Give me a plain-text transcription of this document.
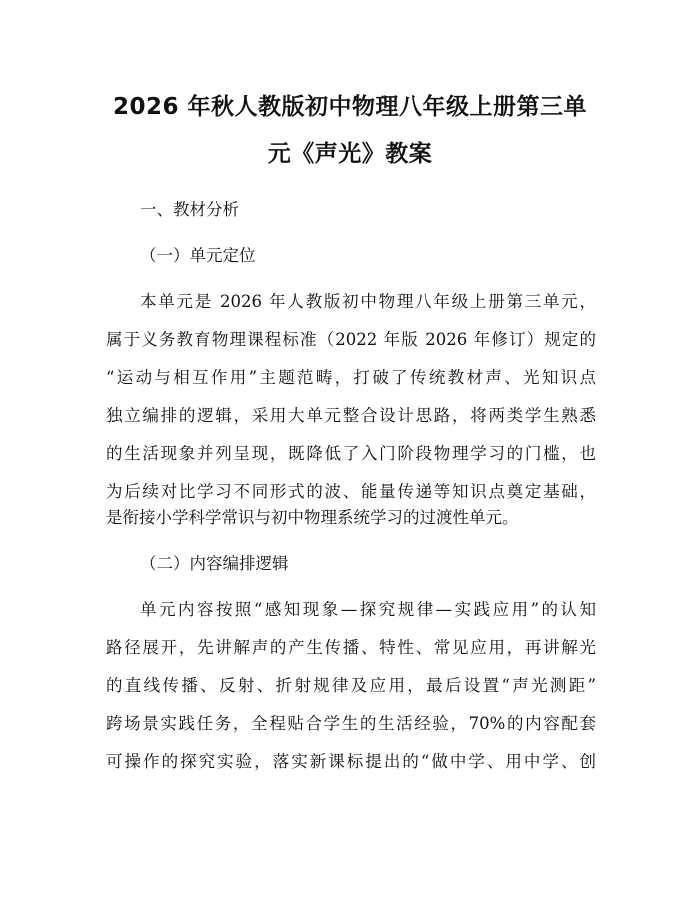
2026 年秋人教版初中物理八年级上册第三单
元《声光》教案

一、教材分析

（一）单元定位

本单元是 2026 年人教版初中物理八年级上册第三单元，

属于义务教育物理课程标准（2022 年版 2026 年修订）规定的

“运动与相互作用”主题范畴，打破了传统教材声、光知识点

独立编排的逻辑，采用大单元整合设计思路，将两类学生熟悉

的生活现象并列呈现，既降低了入门阶段物理学习的门槛，也

为后续对比学习不同形式的波、能量传递等知识点奠定基础，

是衔接小学科学常识与初中物理系统学习的过渡性单元。

（二）内容编排逻辑

单元内容按照“感知现象—探究规律—实践应用”的认知

路径展开，先讲解声的产生传播、特性、常见应用，再讲解光

的直线传播、反射、折射规律及应用，最后设置“声光测距”

跨场景实践任务，全程贴合学生的生活经验，70%的内容配套

可操作的探究实验，落实新课标提出的“做中学、用中学、创
